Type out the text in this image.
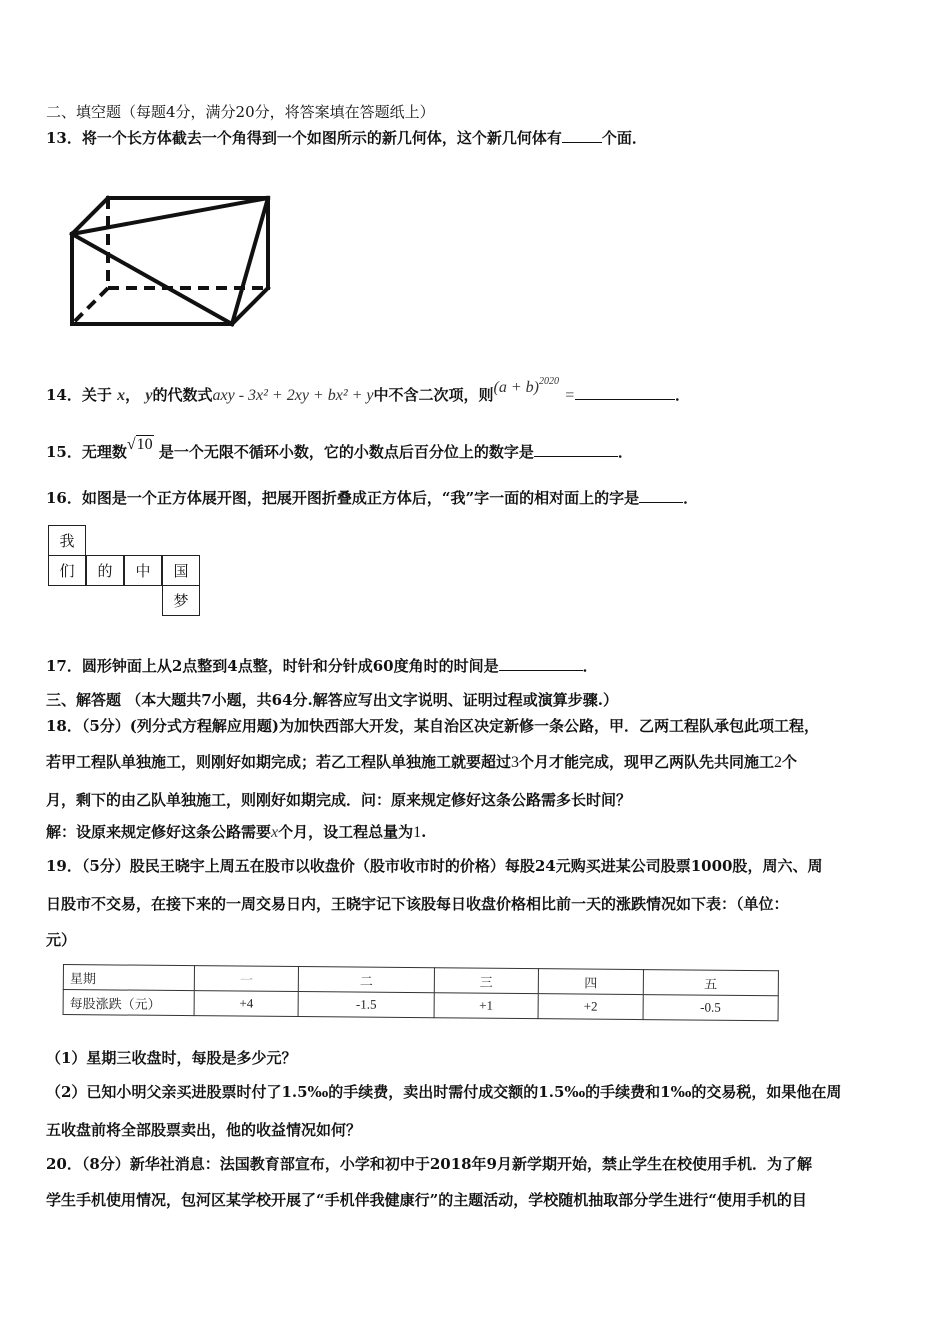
二、填空题（每题4分，满分20分，将答案填在答题纸上）
13．将一个长方体截去一个角得到一个如图所示的新几何体，这个新几何体有	个面．
14．关于 x， y的代数式axy - 3x² + 2xy + bx² + y中不含二次项，则$(a + b)^{2020}$ =	．
15．无理数√10 是一个无限不循环小数，它的小数点后百分位上的数字是	．
16．如图是一个正方体展开图，把展开图折叠成正方体后，“我”字一面的相对面上的字是	．
我
们	的	中	国
梦
17．圆形钟面上从2点整到4点整，时针和分针成60度角时的时间是	．
三、解答题 （本大题共7小题，共64分.解答应写出文字说明、证明过程或演算步骤.）
18．（5分）(列分式方程解应用题)为加快西部大开发，某自治区决定新修一条公路，甲．乙两工程队承包此项工程，
若甲工程队单独施工，则刚好如期完成；若乙工程队单独施工就要超过3个月才能完成，现甲乙两队先共同施工2个
月，剩下的由乙队单独施工，则刚好如期完成．问：原来规定修好这条公路需多长时间？
解：设原来规定修好这条公路需要x个月，设工程总量为1.
19．（5分）股民王晓宇上周五在股市以收盘价（股市收市时的价格）每股24元购买进某公司股票1000股，周六、周
日股市不交易，在接下来的一周交易日内，王晓宇记下该股每日收盘价格相比前一天的涨跌情况如下表：（单位：
元）
星期	一	二	三	四	五
每股涨跌（元）	+4	-1.5	+1	+2	-0.5
（1）星期三收盘时，每股是多少元？
（2）已知小明父亲买进股票时付了1.5‰的手续费，卖出时需付成交额的1.5‰的手续费和1‰的交易税，如果他在周
五收盘前将全部股票卖出，他的收益情况如何？
20．（8分）新华社消息：法国教育部宣布，小学和初中于2018年9月新学期开始，禁止学生在校使用手机．为了解
学生手机使用情况，包河区某学校开展了“手机伴我健康行”的主题活动，学校随机抽取部分学生进行“使用手机的目
